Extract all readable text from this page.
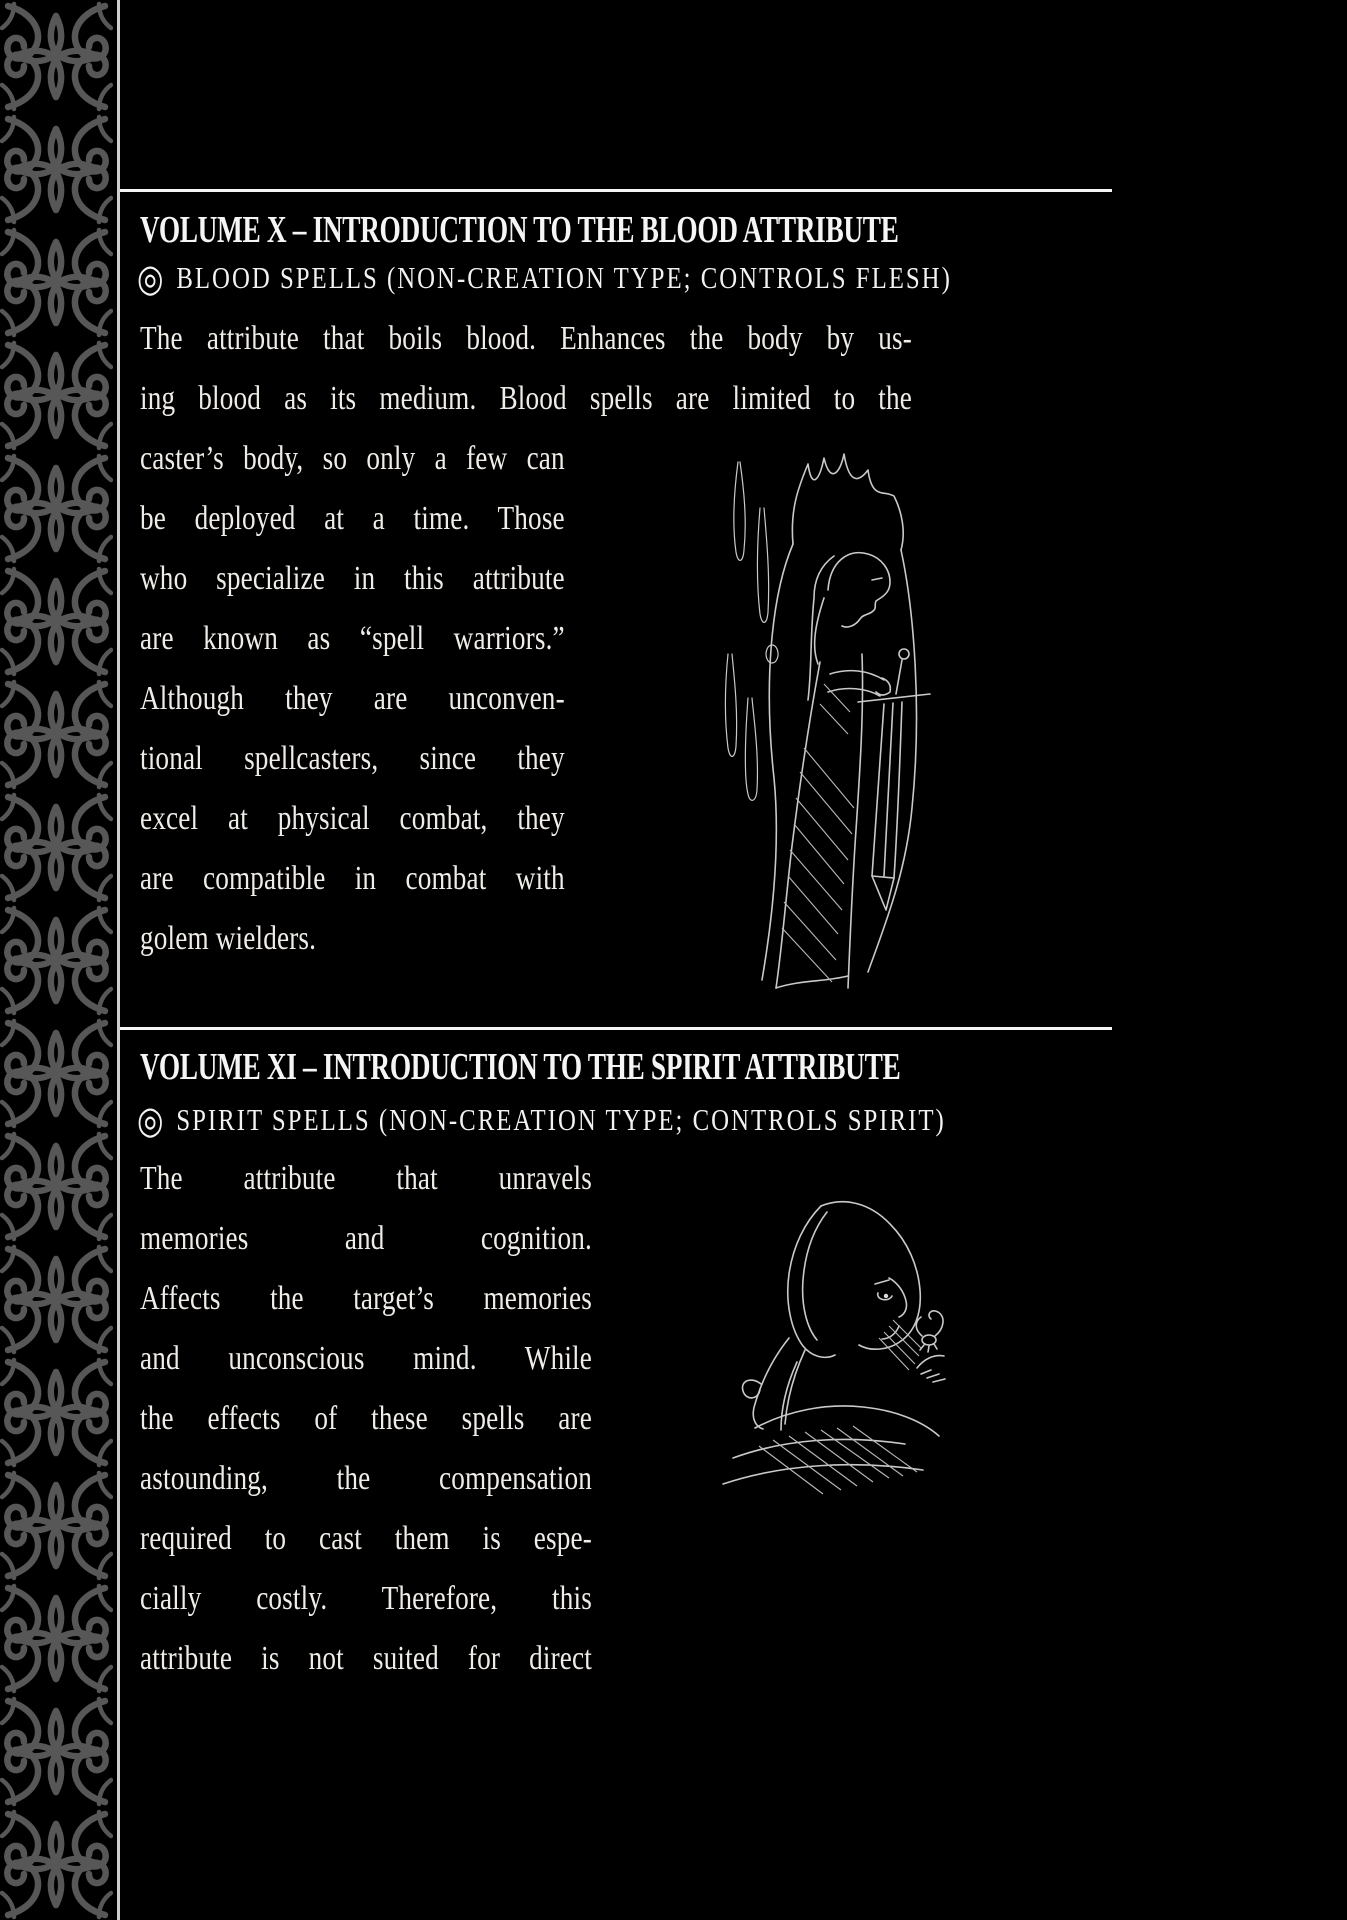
VOLUME X – INTRODUCTION TO THE BLOOD ATTRIBUTE
◎ BLOOD SPELLS (NON-CREATION TYPE; CONTROLS FLESH)
The attribute that boils blood. Enhances the body by us-
ing blood as its medium. Blood spells are limited to the
caster’s body, so only a few can
be deployed at a time. Those
who specialize in this attribute
are known as “spell warriors.”
Although they are unconven-
tional spellcasters, since they
excel at physical combat, they
are compatible in combat with
golem wielders.
VOLUME XI – INTRODUCTION TO THE SPIRIT ATTRIBUTE
◎ SPIRIT SPELLS (NON-CREATION TYPE; CONTROLS SPIRIT)
The attribute that unravels
memories and cognition.
Affects the target’s memories
and unconscious mind. While
the effects of these spells are
astounding, the compensation
required to cast them is espe-
cially costly. Therefore, this
attribute is not suited for direct
